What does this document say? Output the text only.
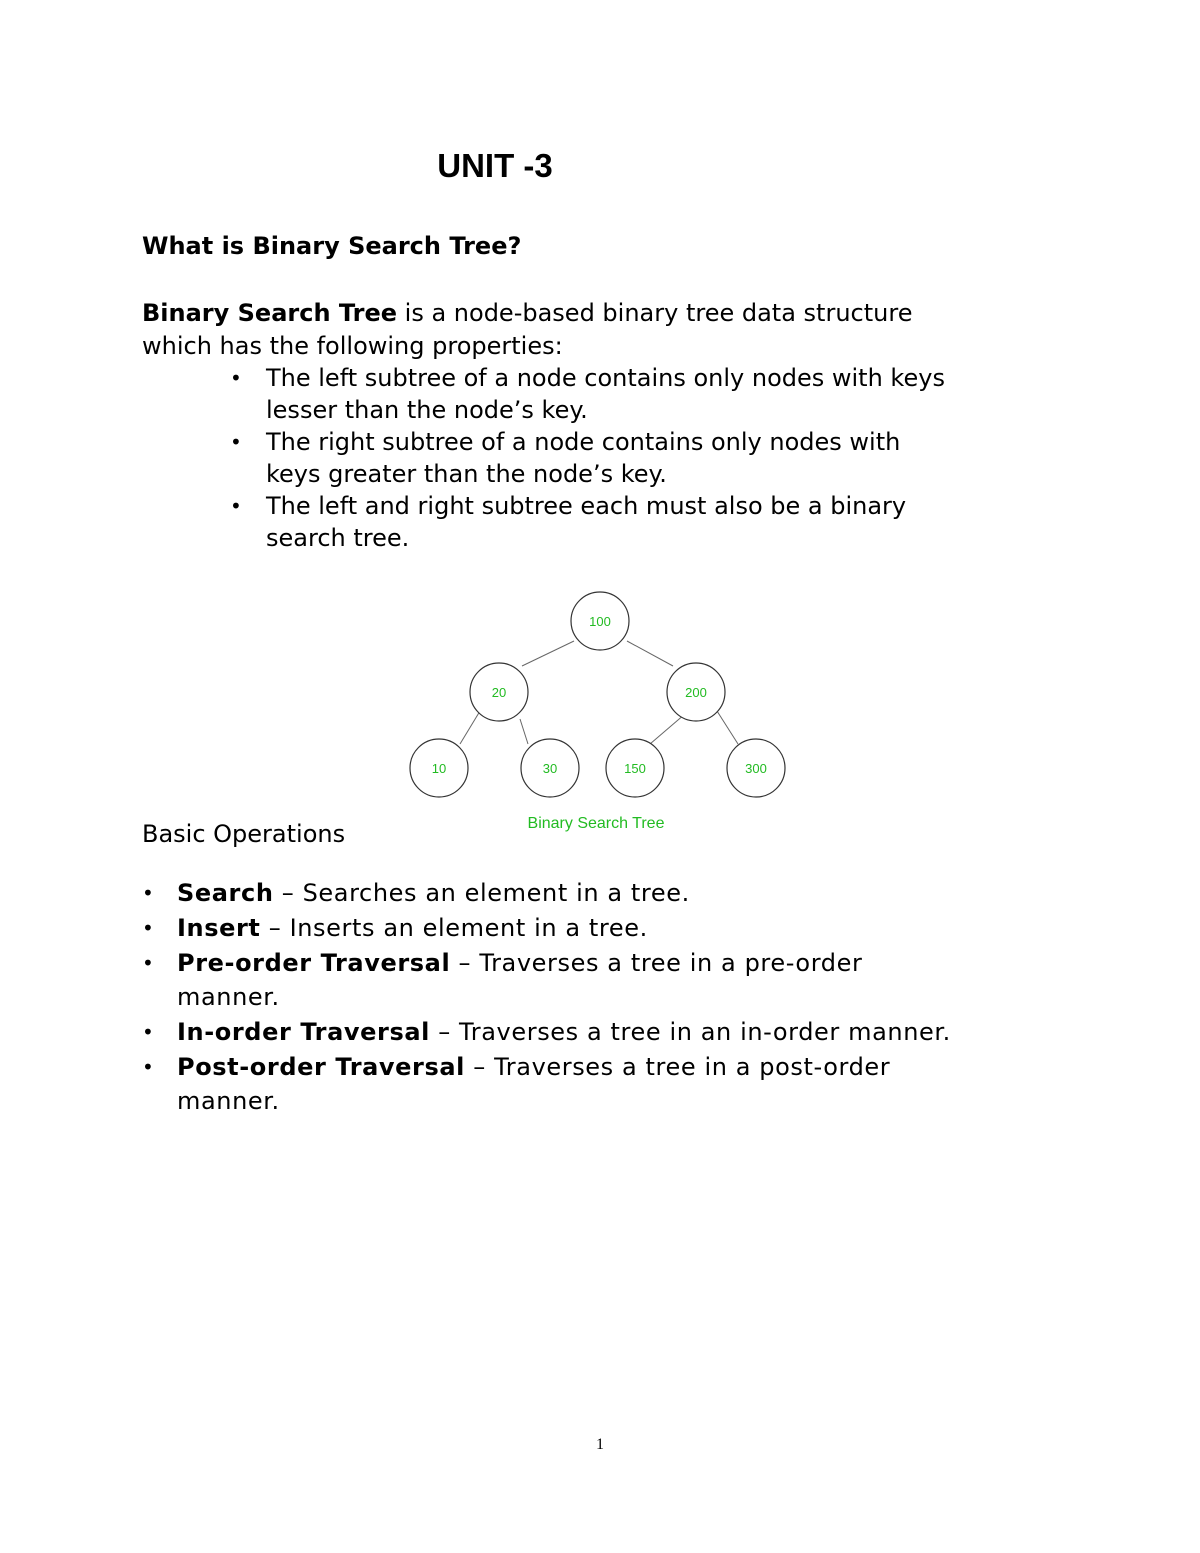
UNIT -3
What is Binary Search Tree?
Binary Search Tree is a node-based binary tree data structure
which has the following properties:
• The left subtree of a node contains only nodes with keys
lesser than the node’s key.
• The right subtree of a node contains only nodes with
keys greater than the node’s key.
• The left and right subtree each must also be a binary
search tree.
100
20	200
10	30	150	300
Binary Search Tree
Basic Operations
• Search – Searches an element in a tree.
• Insert – Inserts an element in a tree.
• Pre-order Traversal – Traverses a tree in a pre-order
manner.
• In-order Traversal – Traverses a tree in an in-order manner.
• Post-order Traversal – Traverses a tree in a post-order
manner.
1
